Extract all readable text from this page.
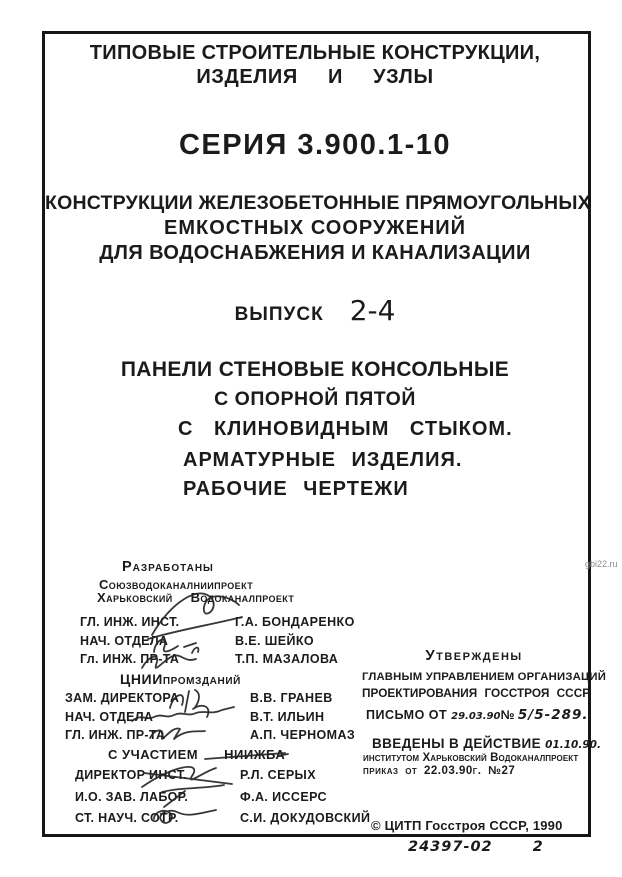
ТИПОВЫЕ СТРОИТЕЛЬНЫЕ КОНСТРУКЦИИ,
ИЗДЕЛИЯ И УЗЛЫ
СЕРИЯ 3.900.1-10
КОНСТРУКЦИИ ЖЕЛЕЗОБЕТОННЫЕ ПРЯМОУГОЛЬНЫХ
ЕМКОСТНЫХ СООРУЖЕНИЙ
ДЛЯ ВОДОСНАБЖЕНИЯ И КАНАЛИЗАЦИИ
ВЫПУСК 2-4
ПАНЕЛИ СТЕНОВЫЕ КОНСОЛЬНЫЕ
С ОПОРНОЙ ПЯТОЙ
С КЛИНОВИДНЫМ СТЫКОМ.
АРМАТУРНЫЕ ИЗДЕЛИЯ.
РАБОЧИЕ ЧЕРТЕЖИ
Разработаны
Союзводоканалниипроект
Харьковский Водоканалпроект
ГЛ. ИНЖ. ИНСТ.	Г.А. БОНДАРЕНКО
НАЧ. ОТДЕЛА	В.Е. ШЕЙКО
Гл. ИНЖ. ПР-ТА	Т.П. МАЗАЛОВА
ЦНИИпромзданий
ЗАМ. ДИРЕКТОРА	В.В. ГРАНЕВ
НАЧ. ОТДЕЛА	В.Т. ИЛЬИН
ГЛ. ИНЖ. ПР-ТА	А.П. ЧЕРНОМАЗ
С УЧАСТИЕМ НИИЖБА
ДИРЕКТОР ИНСТ.	Р.Л. СЕРЫХ
И.О. ЗАВ. ЛАБОР.	Ф.А. ИССЕРС
СТ. НАУЧ. СОТР.	С.И. ДОКУДОВСКИЙ
Утверждены
ГЛАВНЫМ УПРАВЛЕНИЕМ ОРГАНИЗАЦИЙ
ПРОЕКТИРОВАНИЯ ГОССТРОЯ СССР
ПИСЬМО ОТ 29.03.90№ 5/5-289.
ВВЕДЕНЫ В ДЕЙСТВИЕ 01.10.90.
институтом Харьковский Водоканалпроект
приказ от 22.03.90г. №27
© ЦИТП Госстроя СССР, 1990
24397-02	2
gbi22.ru
